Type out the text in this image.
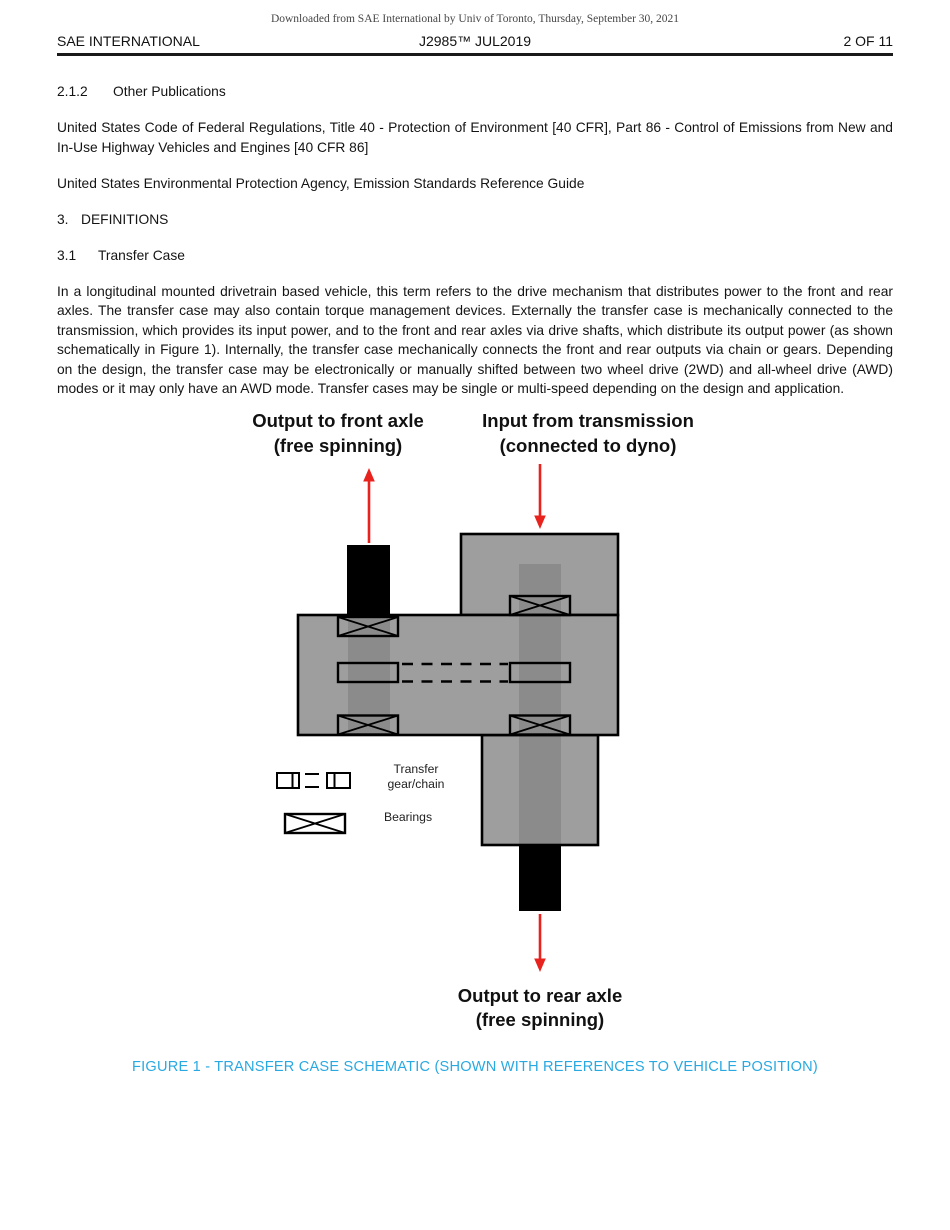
Downloaded from SAE International by Univ of Toronto, Thursday, September 30, 2021
SAE INTERNATIONAL	J2985™ JUL2019	2 OF 11

2.1.2 Other Publications

United States Code of Federal Regulations, Title 40 - Protection of Environment [40 CFR], Part 86 - Control of Emissions from New and In-Use Highway Vehicles and Engines [40 CFR 86]

United States Environmental Protection Agency, Emission Standards Reference Guide

3. DEFINITIONS

3.1 Transfer Case

In a longitudinal mounted drivetrain based vehicle, this term refers to the drive mechanism that distributes power to the front and rear axles. The transfer case may also contain torque management devices. Externally the transfer case is mechanically connected to the transmission, which provides its input power, and to the front and rear axles via drive shafts, which distribute its output power (as shown schematically in Figure 1). Internally, the transfer case mechanically connects the front and rear outputs via chain or gears. Depending on the design, the transfer case may be electronically or manually shifted between two wheel drive (2WD) and all-wheel drive (AWD) modes or it may only have an AWD mode. Transfer cases may be single or multi-speed depending on the design and application.

Output to front axle
(free spinning)
Input from transmission
(connected to dyno)
Output to rear axle
(free spinning)
Transfer
gear/chain
Bearings
FIGURE 1 - TRANSFER CASE SCHEMATIC (SHOWN WITH REFERENCES TO VEHICLE POSITION)
